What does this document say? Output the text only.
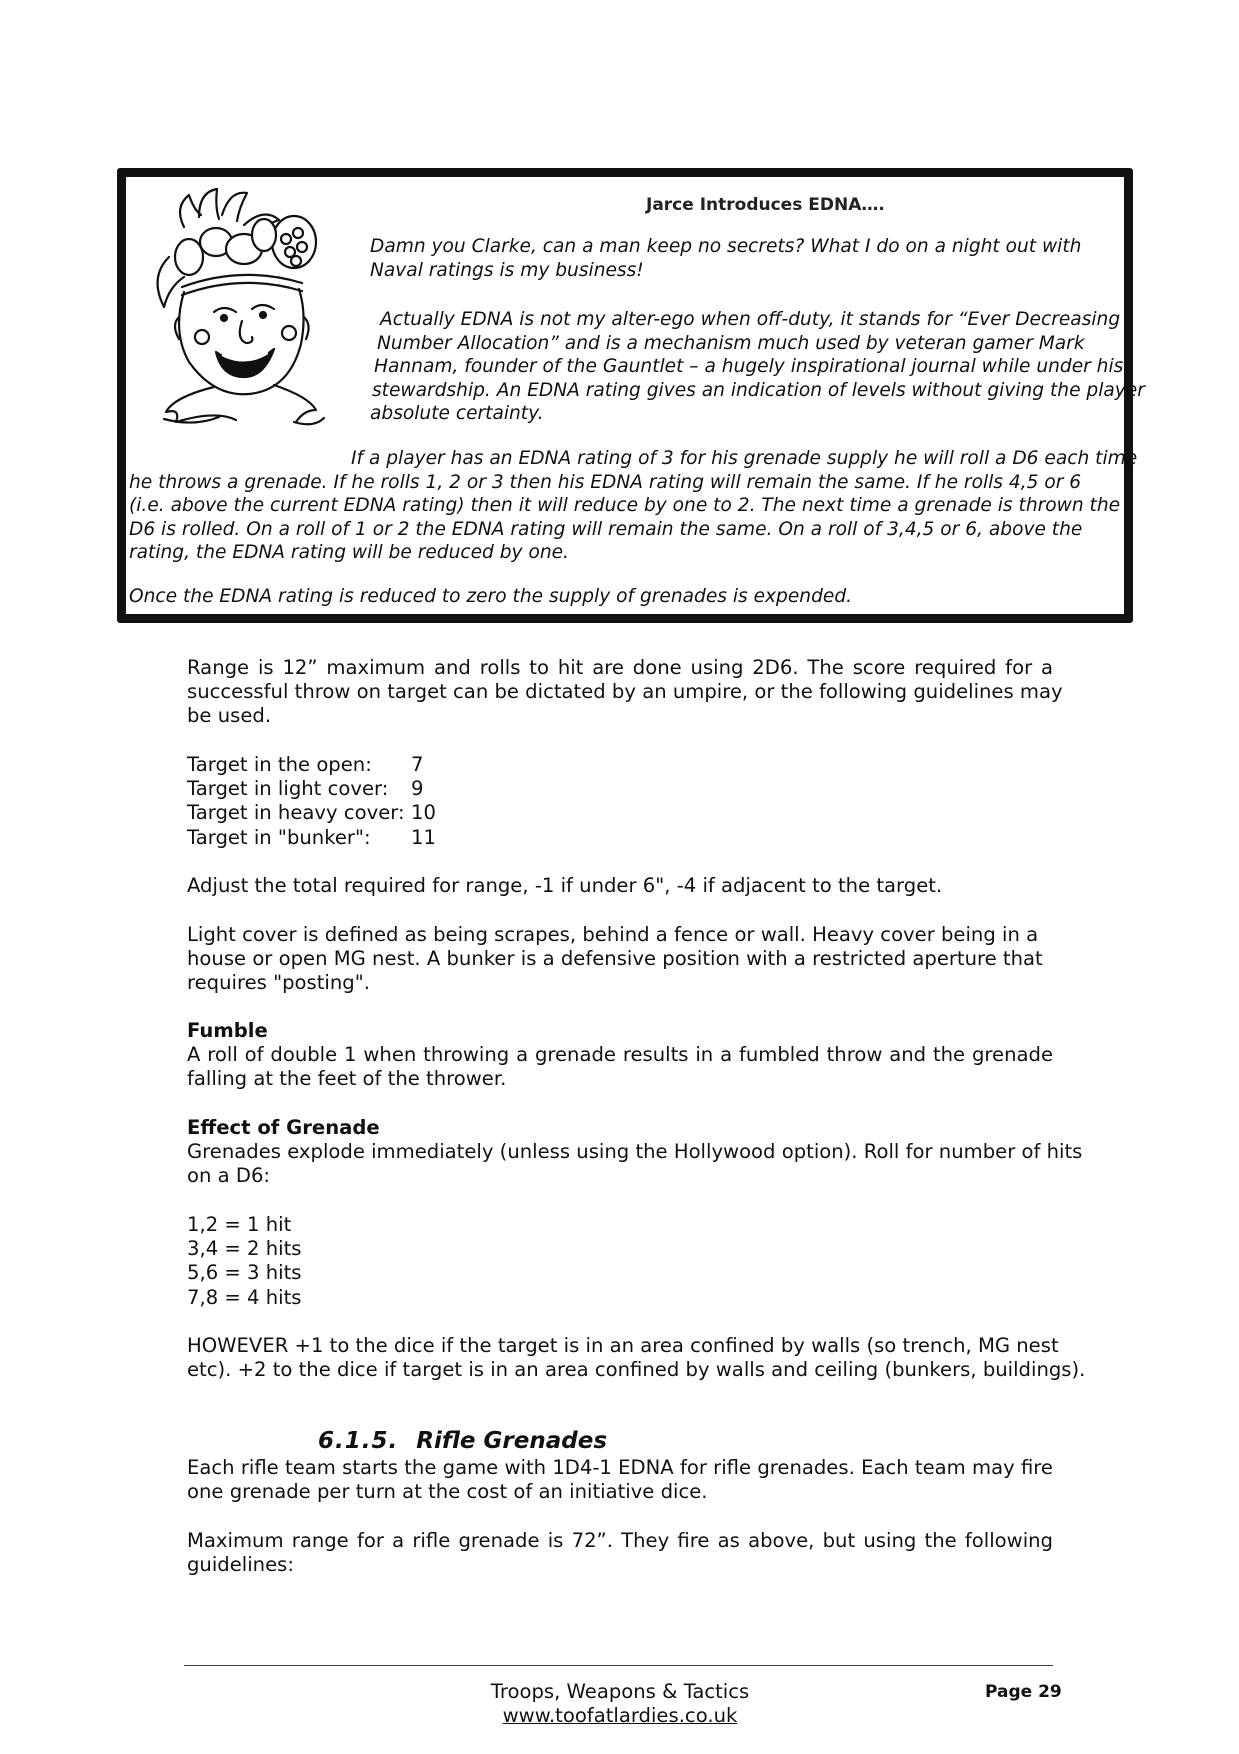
Jarce Introduces EDNA….
Damn you Clarke, can a man keep no secrets? What I do on a night out with
Naval ratings is my business!
Actually EDNA is not my alter-ego when off-duty, it stands for “Ever Decreasing
Number Allocation” and is a mechanism much used by veteran gamer Mark
Hannam, founder of the Gauntlet – a hugely inspirational journal while under his
stewardship. An EDNA rating gives an indication of levels without giving the player
absolute certainty.
If a player has an EDNA rating of 3 for his grenade supply he will roll a D6 each time
he throws a grenade. If he rolls 1, 2 or 3 then his EDNA rating will remain the same. If he rolls 4,5 or 6
(i.e. above the current EDNA rating) then it will reduce by one to 2. The next time a grenade is thrown the
D6 is rolled. On a roll of 1 or 2 the EDNA rating will remain the same. On a roll of 3,4,5 or 6, above the
rating, the EDNA rating will be reduced by one.
Once the EDNA rating is reduced to zero the supply of grenades is expended.
Range is 12” maximum and rolls to hit are done using 2D6. The score required for a
successful throw on target can be dictated by an umpire, or the following guidelines may
be used.
Target in the open:	7
Target in light cover:	9
Target in heavy cover: 10
Target in "bunker":	11
Adjust the total required for range, -1 if under 6", -4 if adjacent to the target.
Light cover is defined as being scrapes, behind a fence or wall. Heavy cover being in a
house or open MG nest. A bunker is a defensive position with a restricted aperture that
requires "posting".
Fumble
A roll of double 1 when throwing a grenade results in a fumbled throw and the grenade
falling at the feet of the thrower.
Effect of Grenade
Grenades explode immediately (unless using the Hollywood option). Roll for number of hits
on a D6:
1,2 = 1 hit
3,4 = 2 hits
5,6 = 3 hits
7,8 = 4 hits
HOWEVER +1 to the dice if the target is in an area confined by walls (so trench, MG nest
etc). +2 to the dice if target is in an area confined by walls and ceiling (bunkers, buildings).
6.1.5. Rifle Grenades
Each rifle team starts the game with 1D4-1 EDNA for rifle grenades. Each team may fire
one grenade per turn at the cost of an initiative dice.
Maximum range for a rifle grenade is 72”. They fire as above, but using the following
guidelines:
Troops, Weapons & Tactics
www.toofatlardies.co.uk
Page 29
